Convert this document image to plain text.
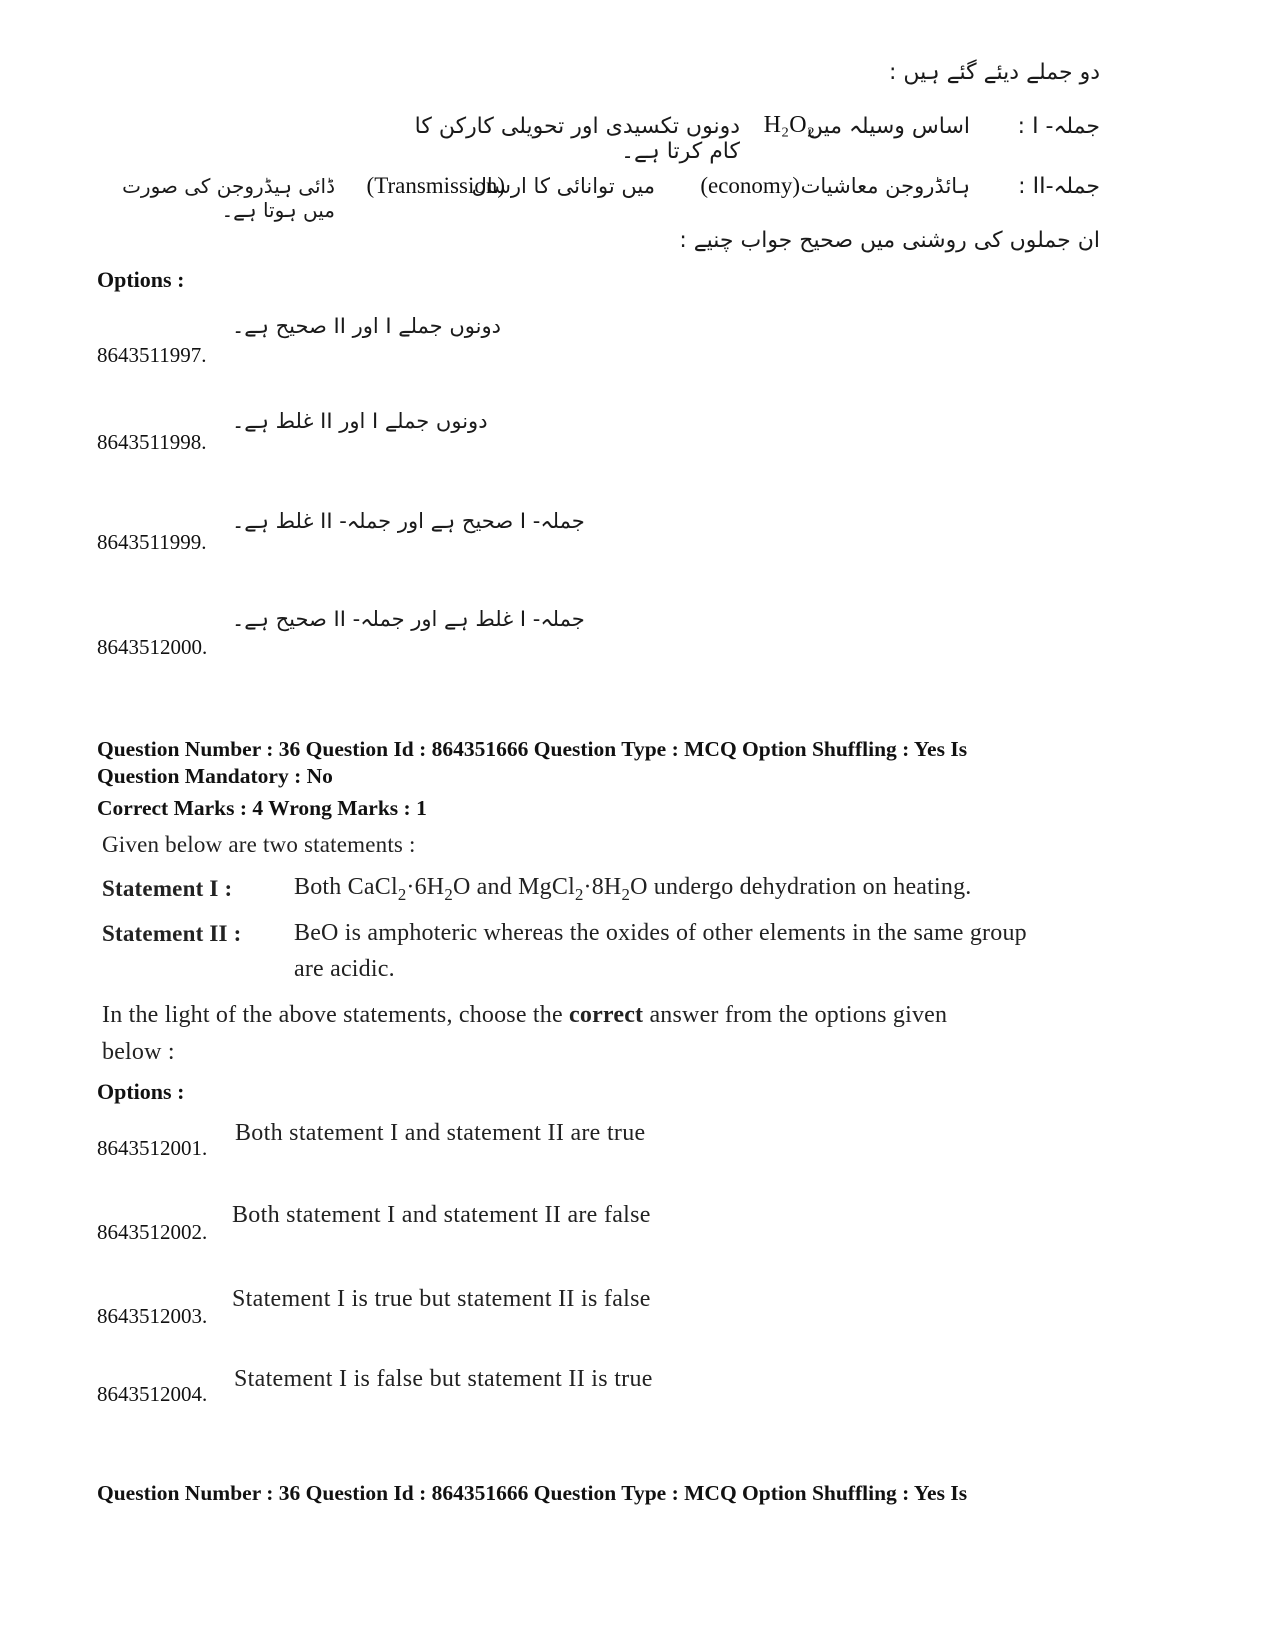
دو جملے دیئے گئے ہیں :
جملہ- I :
اساس وسیلہ میں
H₂O₂
دونوں تکسیدی اور تحویلی کارکن کا کام کرتا ہے۔
جملہ-II :
ہائڈروجن معاشیات
(economy)
میں توانائی کا ارسال
(Transmission)
ڈائی ہیڈروجن کی صورت میں ہوتا ہے۔
ان جملوں کی روشنی میں صحیح جواب چنیے :
Options :
8643511997.
دونوں جملے I اور II صحیح ہے۔
8643511998.
دونوں جملے I اور II غلط ہے۔
8643511999.
جملہ- I صحیح ہے اور جملہ- II غلط ہے۔
8643512000.
جملہ- I غلط ہے اور جملہ- II صحیح ہے۔
Question Number : 36 Question Id : 864351666 Question Type : MCQ Option Shuffling : Yes Is
Question Mandatory : No
Correct Marks : 4 Wrong Marks : 1
Given below are two statements :
Statement I :	Both $CaCl_2\cdot 6H_2O$ and $MgCl_2\cdot 8H_2O$ undergo dehydration on heating.
Statement II : BeO is amphoteric whereas the oxides of other elements in the same group
are acidic.
In the light of the above statements, choose the correct answer from the options given
below :
Options :
8643512001.
Both statement I and statement II are true
8643512002.
Both statement I and statement II are false
8643512003.
Statement I is true but statement II is false
8643512004.
Statement I is false but statement II is true
Question Number : 36 Question Id : 864351666 Question Type : MCQ Option Shuffling : Yes Is
